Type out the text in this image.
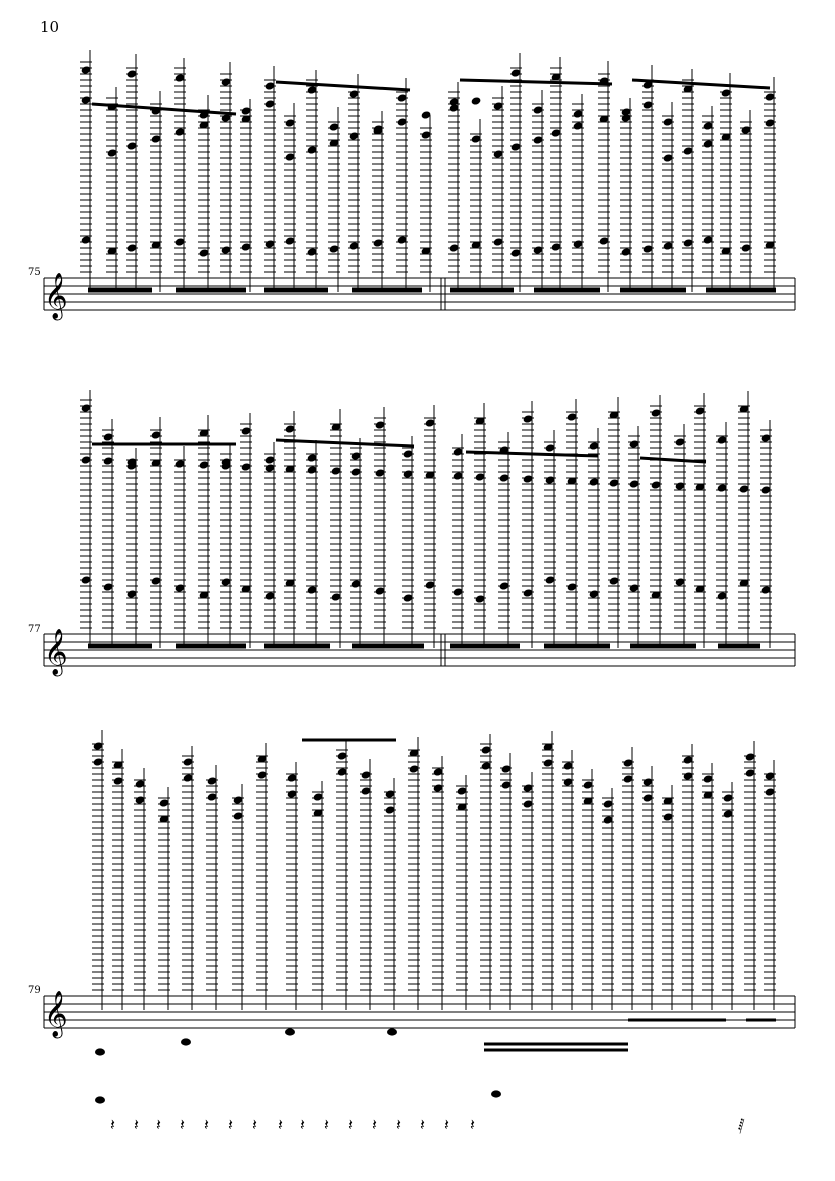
10
75
𝄞
77 𝄞
79
𝄞
𝄽 𝄽 𝄽 𝄽 𝄽 𝄽 𝄽 𝄽 𝄽 𝄽 𝄽 𝄽 𝄽 𝄽 𝄽 𝄽	𝅁
